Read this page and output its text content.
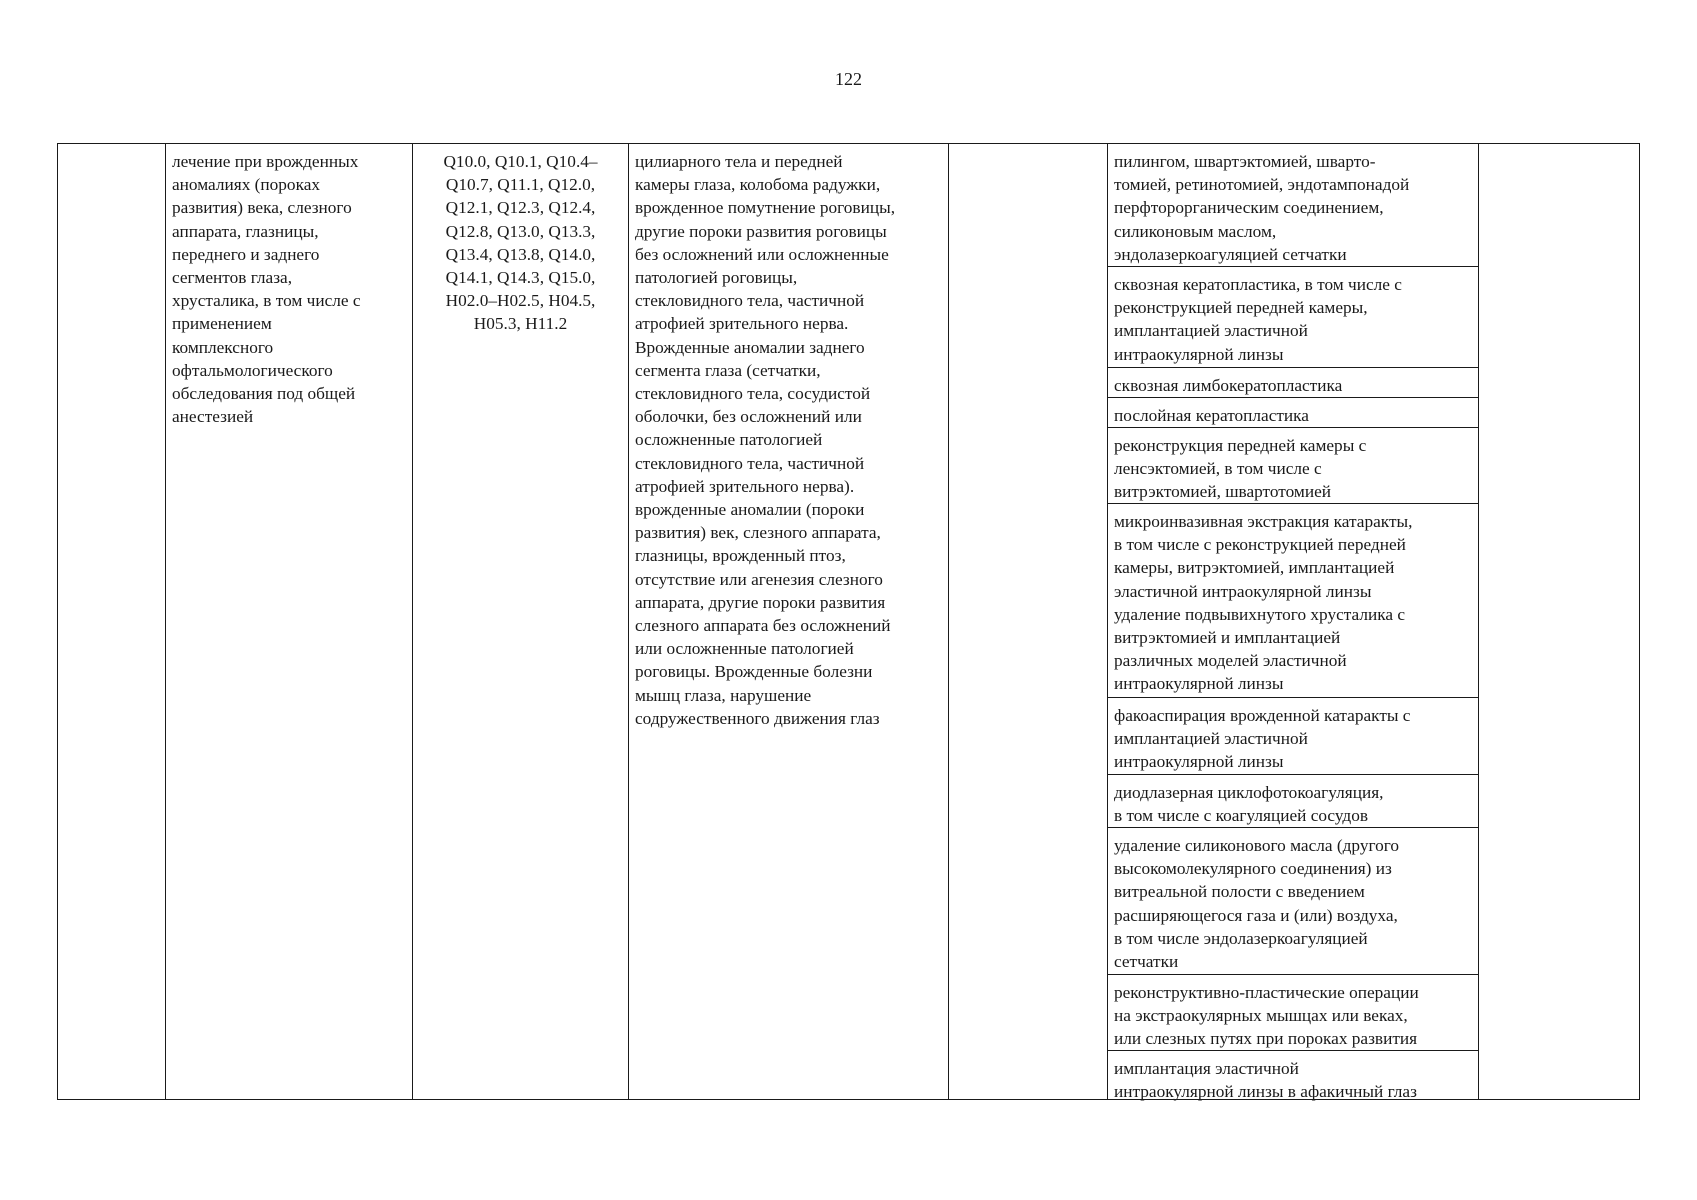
122
лечение при врожденных
аномалиях (пороках
развития) века, слезного
аппарата, глазницы,
переднего и заднего
сегментов глаза,
хрусталика, в том числе с
применением
комплексного
офтальмологического
обследования под общей
анестезией
Q10.0, Q10.1, Q10.4–
Q10.7, Q11.1, Q12.0,
Q12.1, Q12.3, Q12.4,
Q12.8, Q13.0, Q13.3,
Q13.4, Q13.8, Q14.0,
Q14.1, Q14.3, Q15.0,
H02.0–H02.5, H04.5,
H05.3, H11.2
цилиарного тела и передней
камеры глаза, колобома радужки,
врожденное помутнение роговицы,
другие пороки развития роговицы
без осложнений или осложненные
патологией роговицы,
стекловидного тела, частичной
атрофией зрительного нерва.
Врожденные аномалии заднего
сегмента глаза (сетчатки,
стекловидного тела, сосудистой
оболочки, без осложнений или
осложненные патологией
стекловидного тела, частичной
атрофией зрительного нерва).
врожденные аномалии (пороки
развития) век, слезного аппарата,
глазницы, врожденный птоз,
отсутствие или агенезия слезного
аппарата, другие пороки развития
слезного аппарата без осложнений
или осложненные патологией
роговицы. Врожденные болезни
мышц глаза, нарушение
содружественного движения глаз
пилингом, швартэктомией, шварто-
томией, ретинотомией, эндотампонадой
перфторорганическим соединением,
силиконовым маслом,
эндолазеркоагуляцией сетчатки
сквозная кератопластика, в том числе с
реконструкцией передней камеры,
имплантацией эластичной
интраокулярной линзы
сквозная лимбокератопластика
послойная кератопластика
реконструкция передней камеры с
ленсэктомией, в том числе с
витрэктомией, швартотомией
микроинвазивная экстракция катаракты,
в том числе с реконструкцией передней
камеры, витрэктомией, имплантацией
эластичной интраокулярной линзы
удаление подвывихнутого хрусталика с
витрэктомией и имплантацией
различных моделей эластичной
интраокулярной линзы
факоаспирация врожденной катаракты с
имплантацией эластичной
интраокулярной линзы
диодлазерная циклофотокоагуляция,
в том числе с коагуляцией сосудов
удаление силиконового масла (другого
высокомолекулярного соединения) из
витреальной полости с введением
расширяющегося газа и (или) воздуха,
в том числе эндолазеркоагуляцией
сетчатки
реконструктивно-пластические операции
на экстраокулярных мышцах или веках,
или слезных путях при пороках развития
имплантация эластичной
интраокулярной линзы в афакичный глаз
